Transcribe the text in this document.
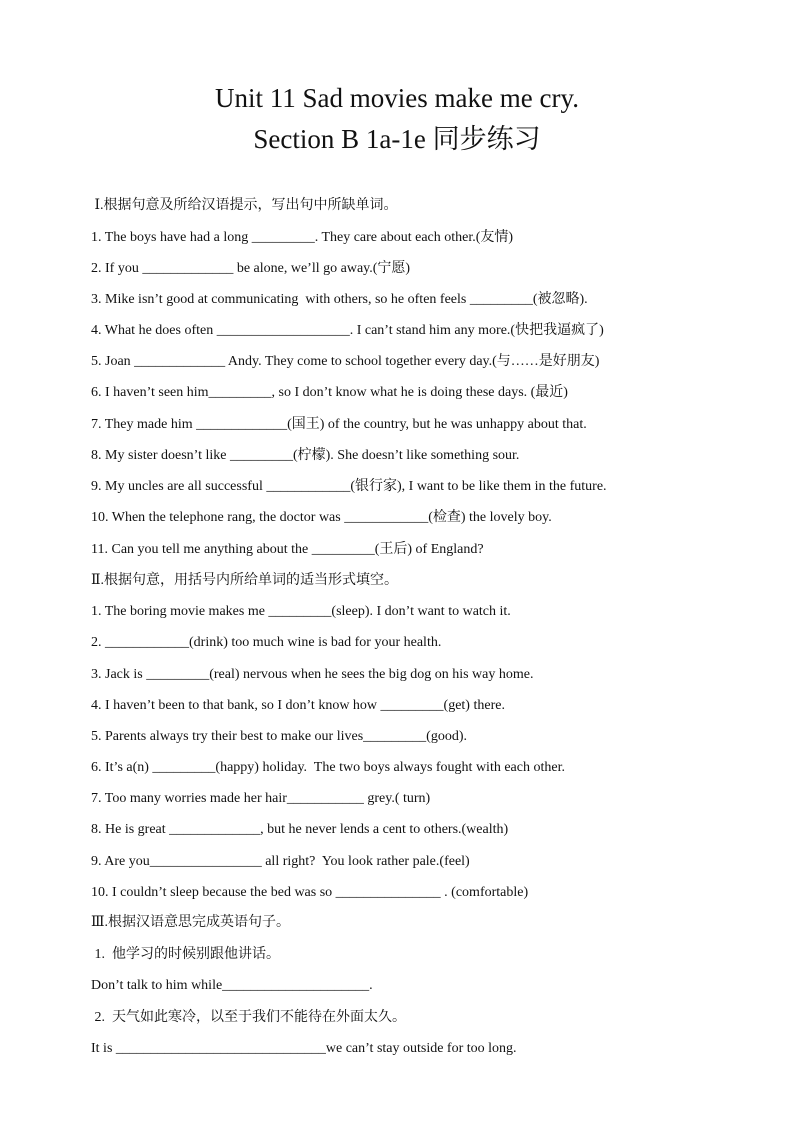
Unit 11 Sad movies make me cry.
Section B 1a-1e 同步练习
Ⅰ.根据句意及所给汉语提示，写出句中所缺单词。
1. The boys have had a long _________. They care about each other.(友情)
2. If you _____________ be alone, we’ll go away.(宁愿)
3. Mike isn’t good at communicating  with others, so he often feels _________(被忽略).
4. What he does often ___________________. I can’t stand him any more.(快把我逼疯了)
5. Joan _____________ Andy. They come to school together every day.(与……是好朋友)
6. I haven’t seen him_________, so I don’t know what he is doing these days. (最近)
7. They made him _____________(国王) of the country, but he was unhappy about that.
8. My sister doesn’t like _________(柠檬). She doesn’t like something sour.
9. My uncles are all successful ____________(银行家), I want to be like them in the future.
10. When the telephone rang, the doctor was ____________(检查) the lovely boy.
11. Can you tell me anything about the _________(王后) of England?
Ⅱ.根据句意，用括号内所给单词的适当形式填空。
1. The boring movie makes me _________(sleep). I don’t want to watch it.
2. ____________(drink) too much wine is bad for your health.
3. Jack is _________(real) nervous when he sees the big dog on his way home.
4. I haven’t been to that bank, so I don’t know how _________(get) there.
5. Parents always try their best to make our lives_________(good).
6. It’s a(n) _________(happy) holiday.  The two boys always fought with each other.
7. Too many worries made her hair___________ grey.( turn)
8. He is great _____________, but he never lends a cent to others.(wealth)
9. Are you________________ all right?  You look rather pale.(feel)
10. I couldn’t sleep because the bed was so _______________ . (comfortable)
Ⅲ.根据汉语意思完成英语句子。
1.  他学习的时候别跟他讲话。
Don’t talk to him while_____________________.
2.  天气如此寒冷，以至于我们不能待在外面太久。
It is ______________________________we can’t stay outside for too long.
